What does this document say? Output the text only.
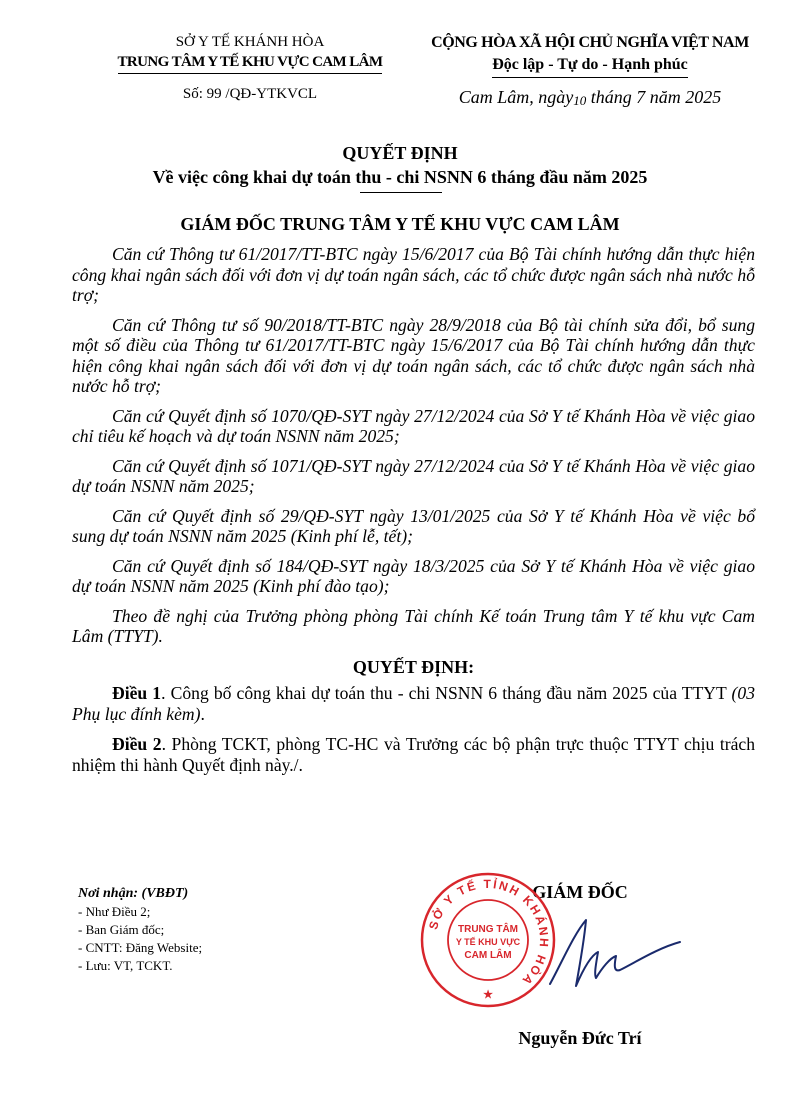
SỞ Y TẾ KHÁNH HÒA
TRUNG TÂM Y TẾ KHU VỰC CAM LÂM
Số: 99 /QĐ-YTKVCL
CỘNG HÒA XÃ HỘI CHỦ NGHĨA VIỆT NAM
Độc lập - Tự do - Hạnh phúc
Cam Lâm, ngày10 tháng 7 năm 2025
QUYẾT ĐỊNH
Về việc công khai dự toán thu - chi NSNN 6 tháng đầu năm 2025
GIÁM ĐỐC TRUNG TÂM Y TẾ KHU VỰC CAM LÂM

Căn cứ Thông tư 61/2017/TT-BTC ngày 15/6/2017 của Bộ Tài chính hướng dẫn thực hiện công khai ngân sách đối với đơn vị dự toán ngân sách, các tổ chức được ngân sách nhà nước hỗ trợ;

Căn cứ Thông tư số 90/2018/TT-BTC ngày 28/9/2018 của Bộ tài chính sửa đổi, bổ sung một số điều của Thông tư 61/2017/TT-BTC ngày 15/6/2017 của Bộ Tài chính hướng dẫn thực hiện công khai ngân sách đối với đơn vị dự toán ngân sách, các tổ chức được ngân sách nhà nước hỗ trợ;

Căn cứ Quyết định số 1070/QĐ-SYT ngày 27/12/2024 của Sở Y tế Khánh Hòa về việc giao chỉ tiêu kế hoạch và dự toán NSNN năm 2025;

Căn cứ Quyết định số 1071/QĐ-SYT ngày 27/12/2024 của Sở Y tế Khánh Hòa về việc giao dự toán NSNN năm 2025;

Căn cứ Quyết định số 29/QĐ-SYT ngày 13/01/2025 của Sở Y tế Khánh Hòa về việc bổ sung dự toán NSNN năm 2025 (Kinh phí lễ, tết);

Căn cứ Quyết định số 184/QĐ-SYT ngày 18/3/2025 của Sở Y tế Khánh Hòa về việc giao dự toán NSNN năm 2025 (Kinh phí đào tạo);

Theo đề nghị của Trưởng phòng phòng Tài chính Kế toán Trung tâm Y tế khu vực Cam Lâm (TTYT).

QUYẾT ĐỊNH:

Điều 1. Công bố công khai dự toán thu - chi NSNN 6 tháng đầu năm 2025 của TTYT (03 Phụ lục đính kèm).

Điều 2. Phòng TCKT, phòng TC-HC và Trưởng các bộ phận trực thuộc TTYT chịu trách nhiệm thi hành Quyết định này./.

Nơi nhận: (VBĐT)
- Như Điều 2;
- Ban Giám đốc;
- CNTT: Đăng Website;
- Lưu: VT, TCKT.
GIÁM ĐỐC
SỞ Y TẾ TỈNH KHÁNH HÒA
TRUNG TÂM
Y TẾ KHU VỰC
CAM LÂM
★
Nguyễn Đức Trí
